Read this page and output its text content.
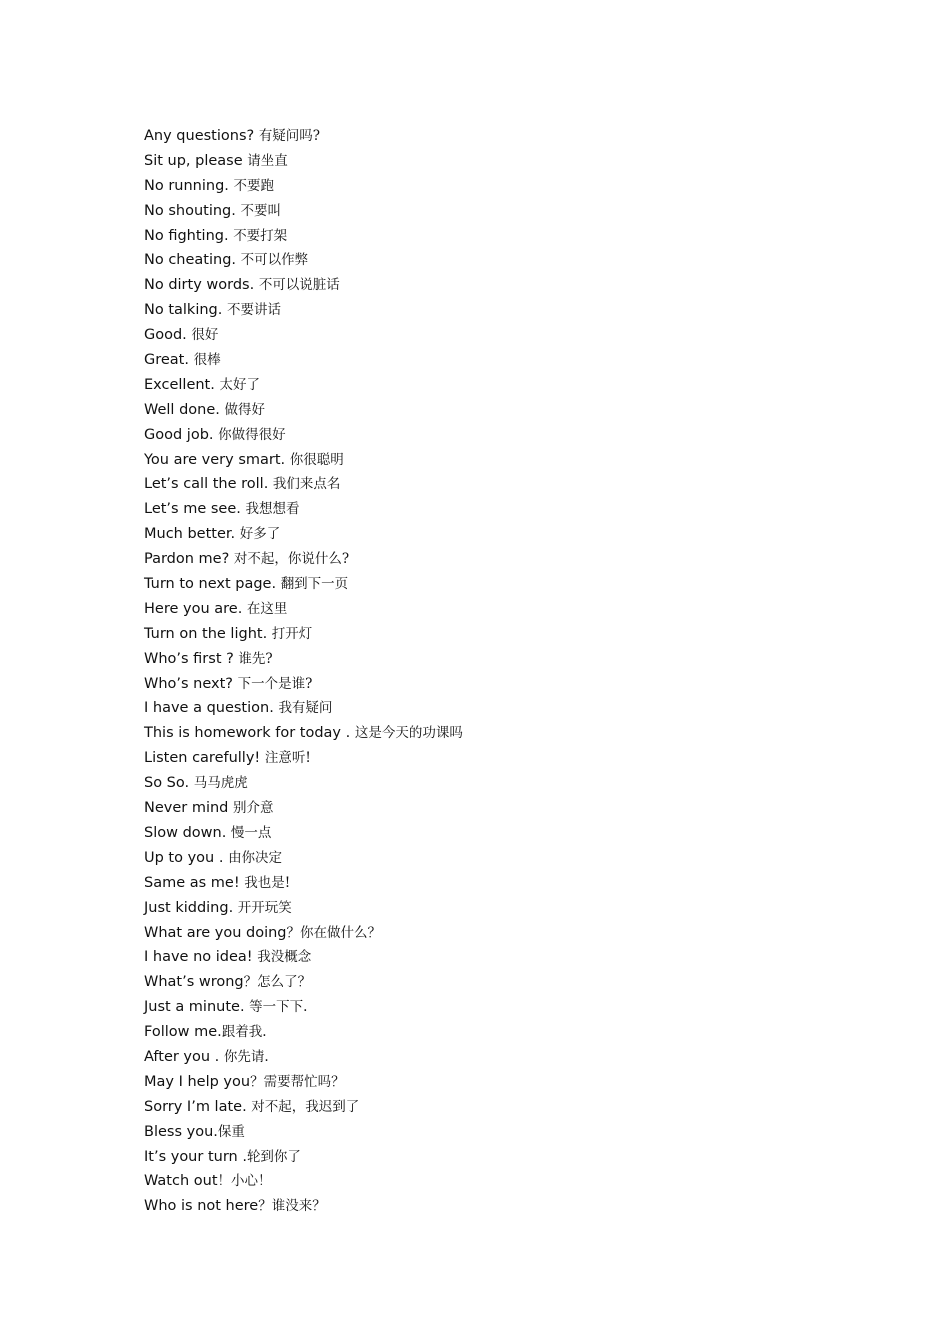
Any questions? 有疑问吗?
Sit up, please 请坐直
No running. 不要跑
No shouting. 不要叫
No fighting. 不要打架
No cheating. 不可以作弊
No dirty words. 不可以说脏话
No talking. 不要讲话
Good. 很好
Great. 很棒
Excellent. 太好了
Well done. 做得好
Good job. 你做得很好
You are very smart. 你很聪明
Let’s call the roll. 我们来点名
Let’s me see. 我想想看
Much better. 好多了
Pardon me? 对不起，你说什么?
Turn to next page. 翻到下一页
Here you are. 在这里
Turn on the light. 打开灯
Who’s first ? 谁先?
Who’s next? 下一个是谁?
I have a question. 我有疑问
This is homework for today . 这是今天的功课吗
Listen carefully! 注意听!
So So. 马马虎虎
Never mind 别介意
Slow down. 慢一点
Up to you . 由你决定
Same as me! 我也是!
Just kidding. 开开玩笑
What are you doing？你在做什么？
I have no idea! 我没概念
What’s wrong？怎么了？
Just a minute. 等一下下.
Follow me.跟着我.
After you . 你先请.
May I help you？需要帮忙吗？
Sorry I’m late. 对不起，我迟到了
Bless you.保重
It’s your turn .轮到你了
Watch out！小心！
Who is not here？谁没来？
